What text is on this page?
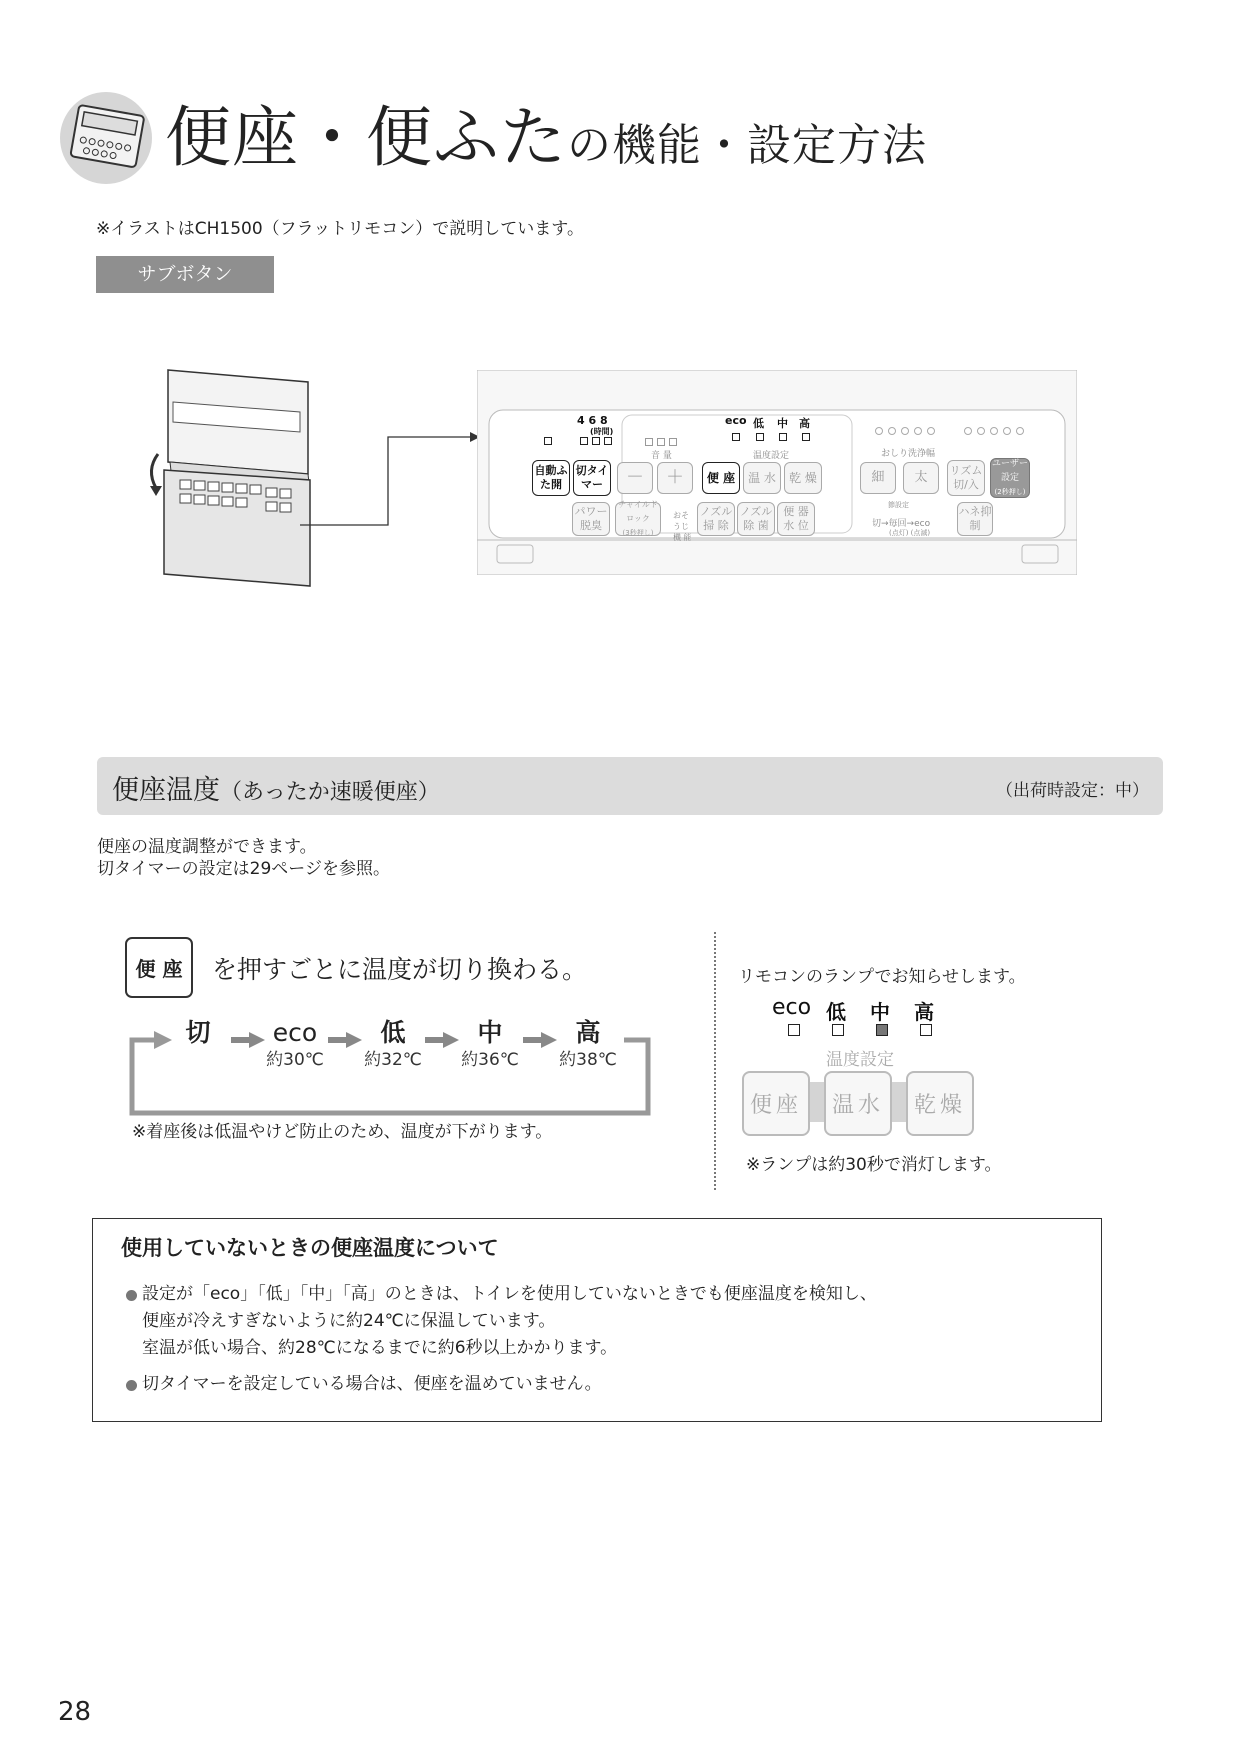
便座・便ふたの機能・設定方法
※イラストはCH1500（フラットリモコン）で説明しています。
サブボタン
4 6 8
(時間)
音 量
eco 低 中 高
温度設定	おしり洗浄幅
自動ふた開
切タイマー	－	＋	便 座	温 水	乾 燥	細	太	リズム切/入
ユーザー設定
(2秒押し)
パワー脱臭
チャイルドロック
(3秒押し)
おそうじ機 能
ノズル掃 除
ノズル除 菌
便 器水 位
節設定
切→毎回→eco
(点灯) (点滅)
ハネ抑 制
便座温度（あったか速暖便座）	（出荷時設定：中）
便座の温度調整ができます。
切タイマーの設定は29ページを参照。
便 座	を押すごとに温度が切り換わる。
切	eco
約30℃
低
約32℃
中
約36℃
高
約38℃
※着座後は低温やけど防止のため、温度が下がります。
リモコンのランプでお知らせします。
eco 低 中 高
温度設定
便座	温水	乾燥
※ランプは約30秒で消灯します。
使用していないときの便座温度について
設定が「eco」「低」「中」「高」のときは、トイレを使用していないときでも便座温度を検知し、
便座が冷えすぎないように約24℃に保温しています。
室温が低い場合、約28℃になるまでに約6秒以上かかります。
切タイマーを設定している場合は、便座を温めていません。
28
